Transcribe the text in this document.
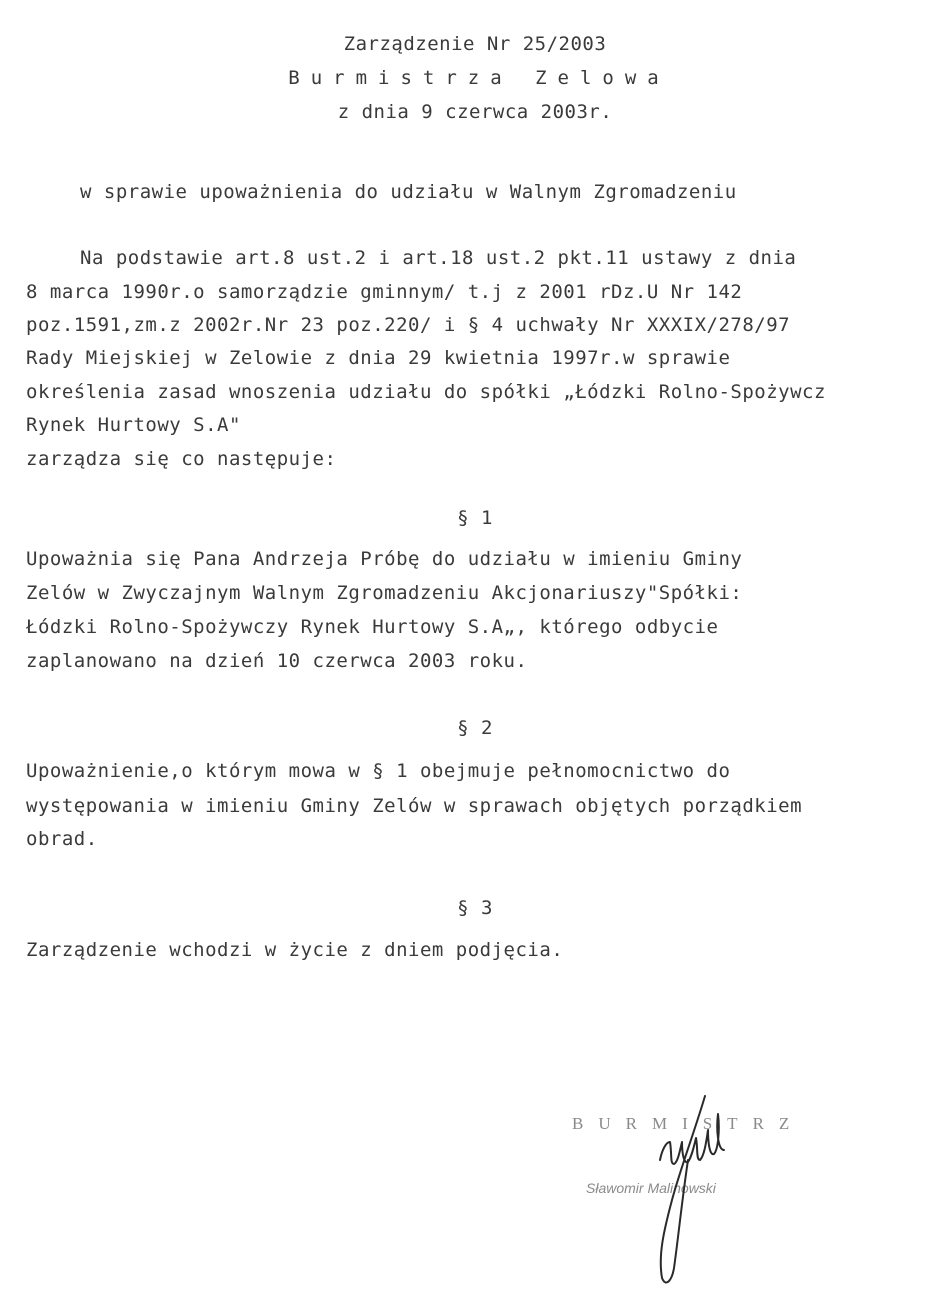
Zarządzenie Nr 25/2003
Burmistrza Zelowa
z dnia 9 czerwca 2003r.
w sprawie upoważnienia do udziału w Walnym Zgromadzeniu
Na podstawie art.8 ust.2 i art.18 ust.2 pkt.11 ustawy z dnia
8 marca 1990r.o samorządzie gminnym/ t.j z 2001 rDz.U Nr 142
poz.1591,zm.z 2002r.Nr 23 poz.220/ i § 4 uchwały Nr XXXIX/278/97
Rady Miejskiej w Zelowie z dnia 29 kwietnia 1997r.w sprawie
określenia zasad wnoszenia udziału do spółki „Łódzki Rolno-Spożywcz
Rynek Hurtowy S.A"
zarządza się co następuje:
§ 1
Upoważnia się Pana Andrzeja Próbę do udziału w imieniu Gminy
Zelów w Zwyczajnym Walnym Zgromadzeniu Akcjonariuszy"Spółki:
Łódzki Rolno-Spożywczy Rynek Hurtowy S.A„, którego odbycie
zaplanowano na dzień 10 czerwca 2003 roku.
§ 2
Upoważnienie,o którym mowa w § 1 obejmuje pełnomocnictwo do
występowania w imieniu Gminy Zelów w sprawach objętych porządkiem
obrad.
§ 3
Zarządzenie wchodzi w życie z dniem podjęcia.
BURMISTRZ
Sławomir Malinowski
